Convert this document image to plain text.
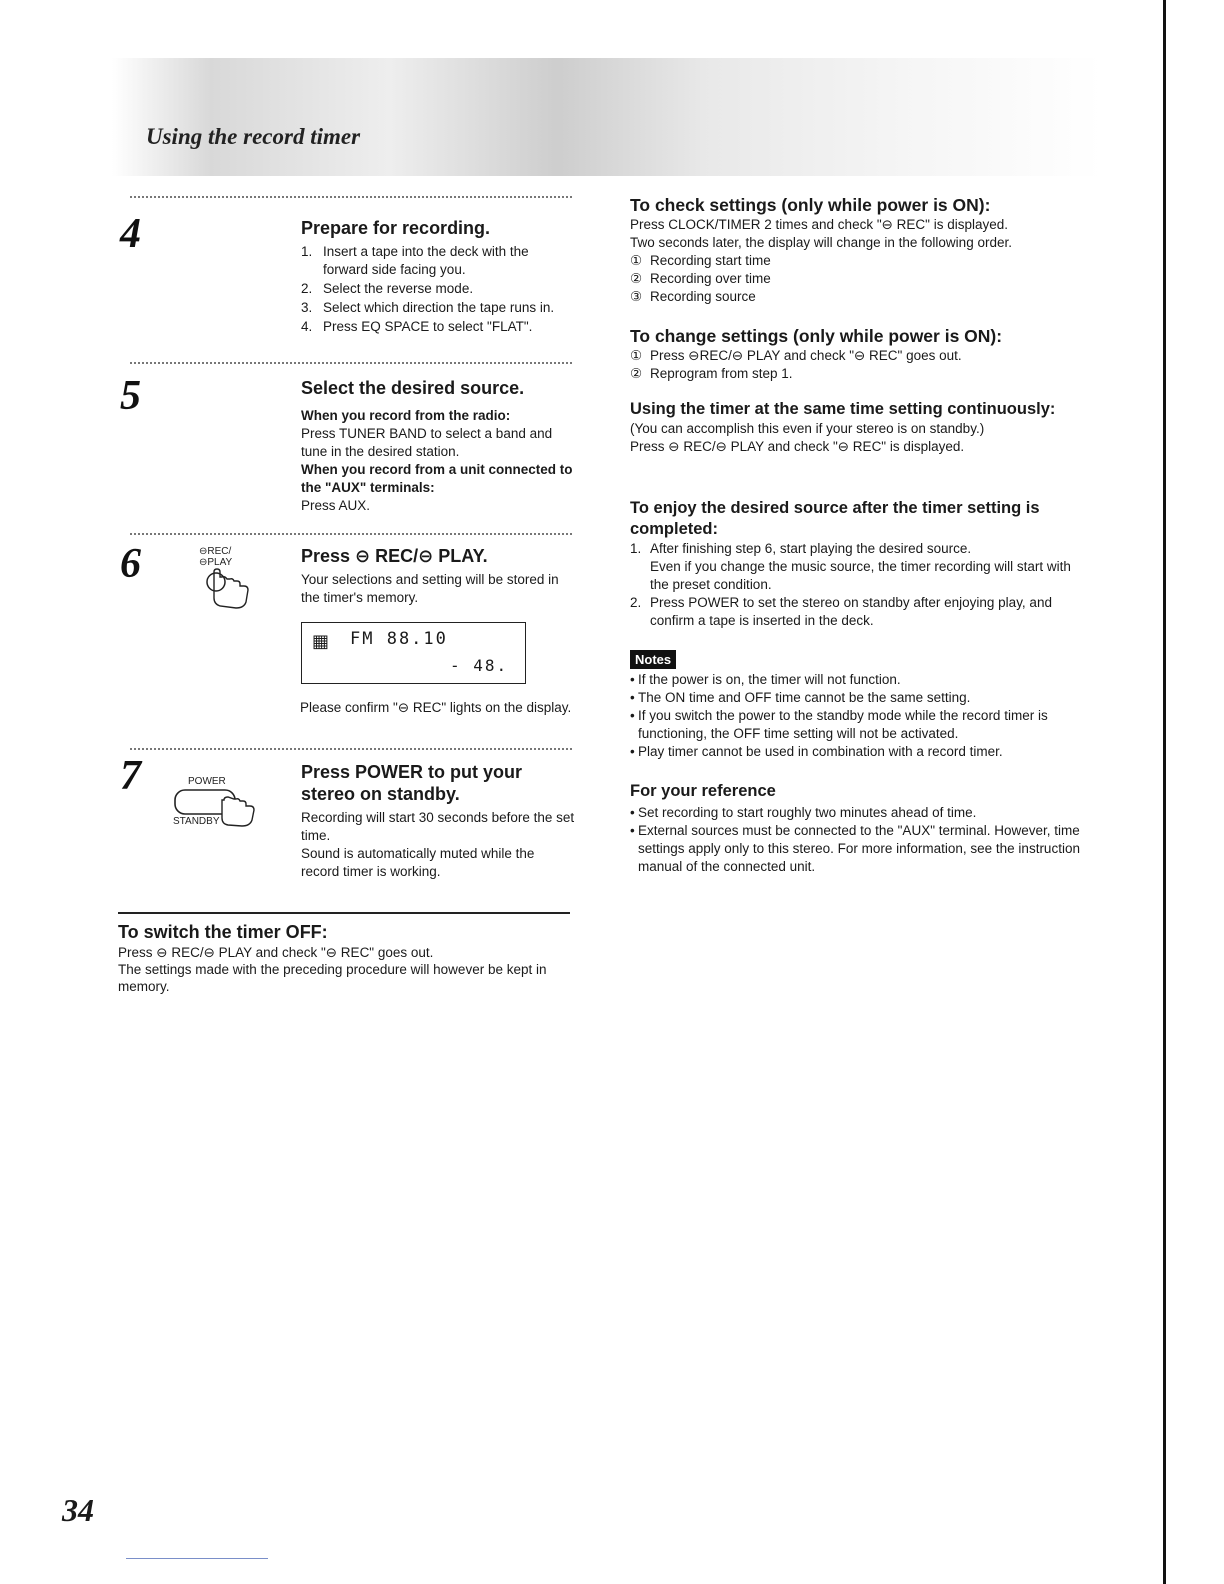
Using the record timer
4	Prepare for recording.
1. Insert a tape into the deck with the forward side facing you.
2. Select the reverse mode.
3. Select which direction the tape runs in.
4. Press EQ SPACE to select "FLAT".
5	Select the desired source.
When you record from the radio:
Press TUNER BAND to select a band and tune in the desired station.
When you record from a unit connected to the "AUX" terminals:
Press AUX.
6	⊖REC/
⊖PLAY	Press ⊖ REC/⊖ PLAY.
Your selections and setting will be stored in the timer's memory.
▦ FM 88.10
- 48.
Please confirm "⊖ REC" lights on the display.
7	POWER
STANDBY
Press POWER to put your stereo on standby.
Recording will start 30 seconds before the set time.
Sound is automatically muted while the record timer is working.
To switch the timer OFF:
Press ⊖ REC/⊖ PLAY and check "⊖ REC" goes out.
The settings made with the preceding procedure will however be kept in memory.
To check settings (only while power is ON):
Press CLOCK/TIMER 2 times and check "⊖ REC" is displayed.
Two seconds later, the display will change in the following order.
① Recording start time
② Recording over time
③ Recording source
To change settings (only while power is ON):
① Press ⊖REC/⊖ PLAY and check "⊖ REC" goes out.
② Reprogram from step 1.
Using the timer at the same time setting continuously:
(You can accomplish this even if your stereo is on standby.)
Press ⊖ REC/⊖ PLAY and check "⊖ REC" is displayed.
To enjoy the desired source after the timer setting is completed:
1. After finishing step 6, start playing the desired source.
Even if you change the music source, the timer recording will start with the preset condition.
2. Press POWER to set the stereo on standby after enjoying play, and confirm a tape is inserted in the deck.
Notes
• If the power is on, the timer will not function.
• The ON time and OFF time cannot be the same setting.
• If you switch the power to the standby mode while the record timer is functioning, the OFF time setting will not be activated.
• Play timer cannot be used in combination with a record timer.
For your reference
• Set recording to start roughly two minutes ahead of time.
• External sources must be connected to the "AUX" terminal. However, time settings apply only to this stereo. For more information, see the instruction manual of the connected unit.
34
